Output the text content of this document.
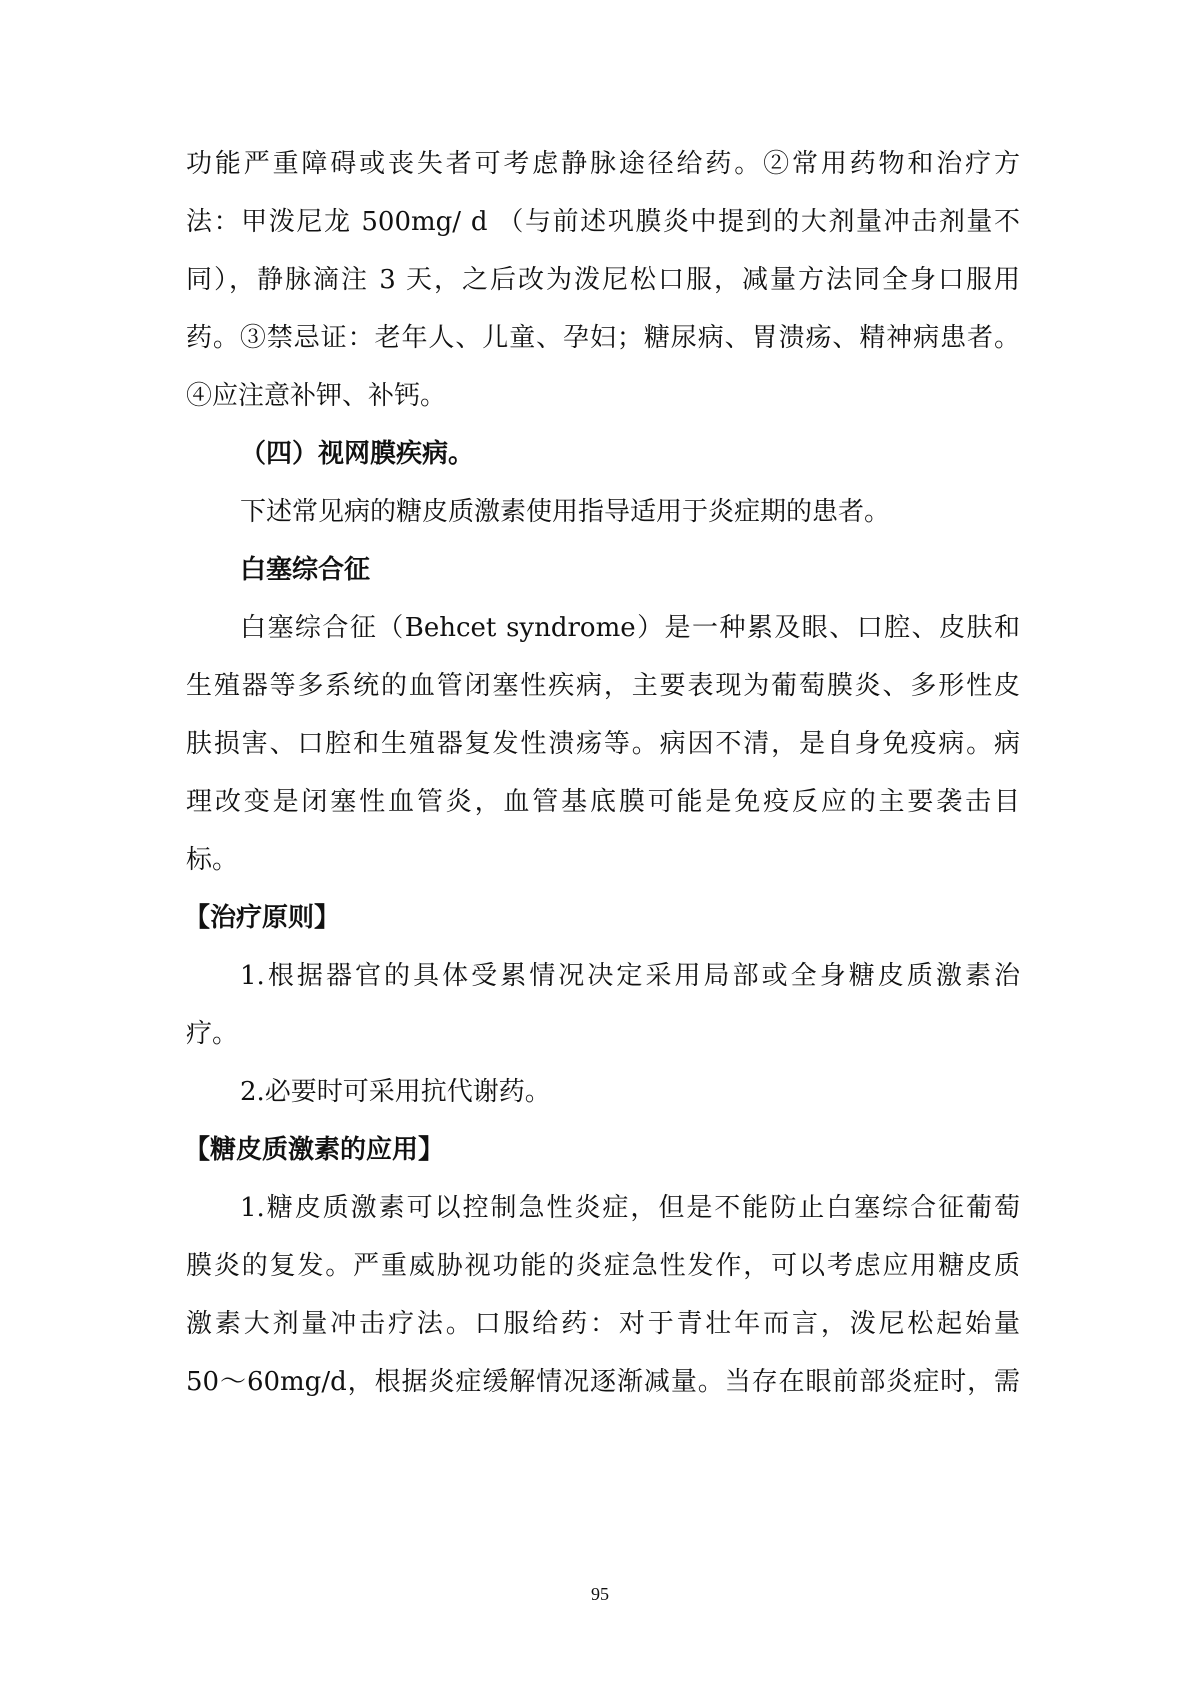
功能严重障碍或丧失者可考虑静脉途径给药。②常用药物和治疗方
法：甲泼尼龙 500mg/ d （与前述巩膜炎中提到的大剂量冲击剂量不
同），静脉滴注 3 天，之后改为泼尼松口服，减量方法同全身口服用
药。③禁忌证：老年人、儿童、孕妇；糖尿病、胃溃疡、精神病患者。
④应注意补钾、补钙。
（四）视网膜疾病。
下述常见病的糖皮质激素使用指导适用于炎症期的患者。
白塞综合征
白塞综合征（Behcet syndrome）是一种累及眼、口腔、皮肤和
生殖器等多系统的血管闭塞性疾病，主要表现为葡萄膜炎、多形性皮
肤损害、口腔和生殖器复发性溃疡等。病因不清，是自身免疫病。病
理改变是闭塞性血管炎，血管基底膜可能是免疫反应的主要袭击目
标。
【治疗原则】
1.根据器官的具体受累情况决定采用局部或全身糖皮质激素治
疗。
2.必要时可采用抗代谢药。
【糖皮质激素的应用】
1.糖皮质激素可以控制急性炎症，但是不能防止白塞综合征葡萄
膜炎的复发。严重威胁视功能的炎症急性发作，可以考虑应用糖皮质
激素大剂量冲击疗法。口服给药：对于青壮年而言，泼尼松起始量
50～60mg/d，根据炎症缓解情况逐渐减量。当存在眼前部炎症时，需
95
